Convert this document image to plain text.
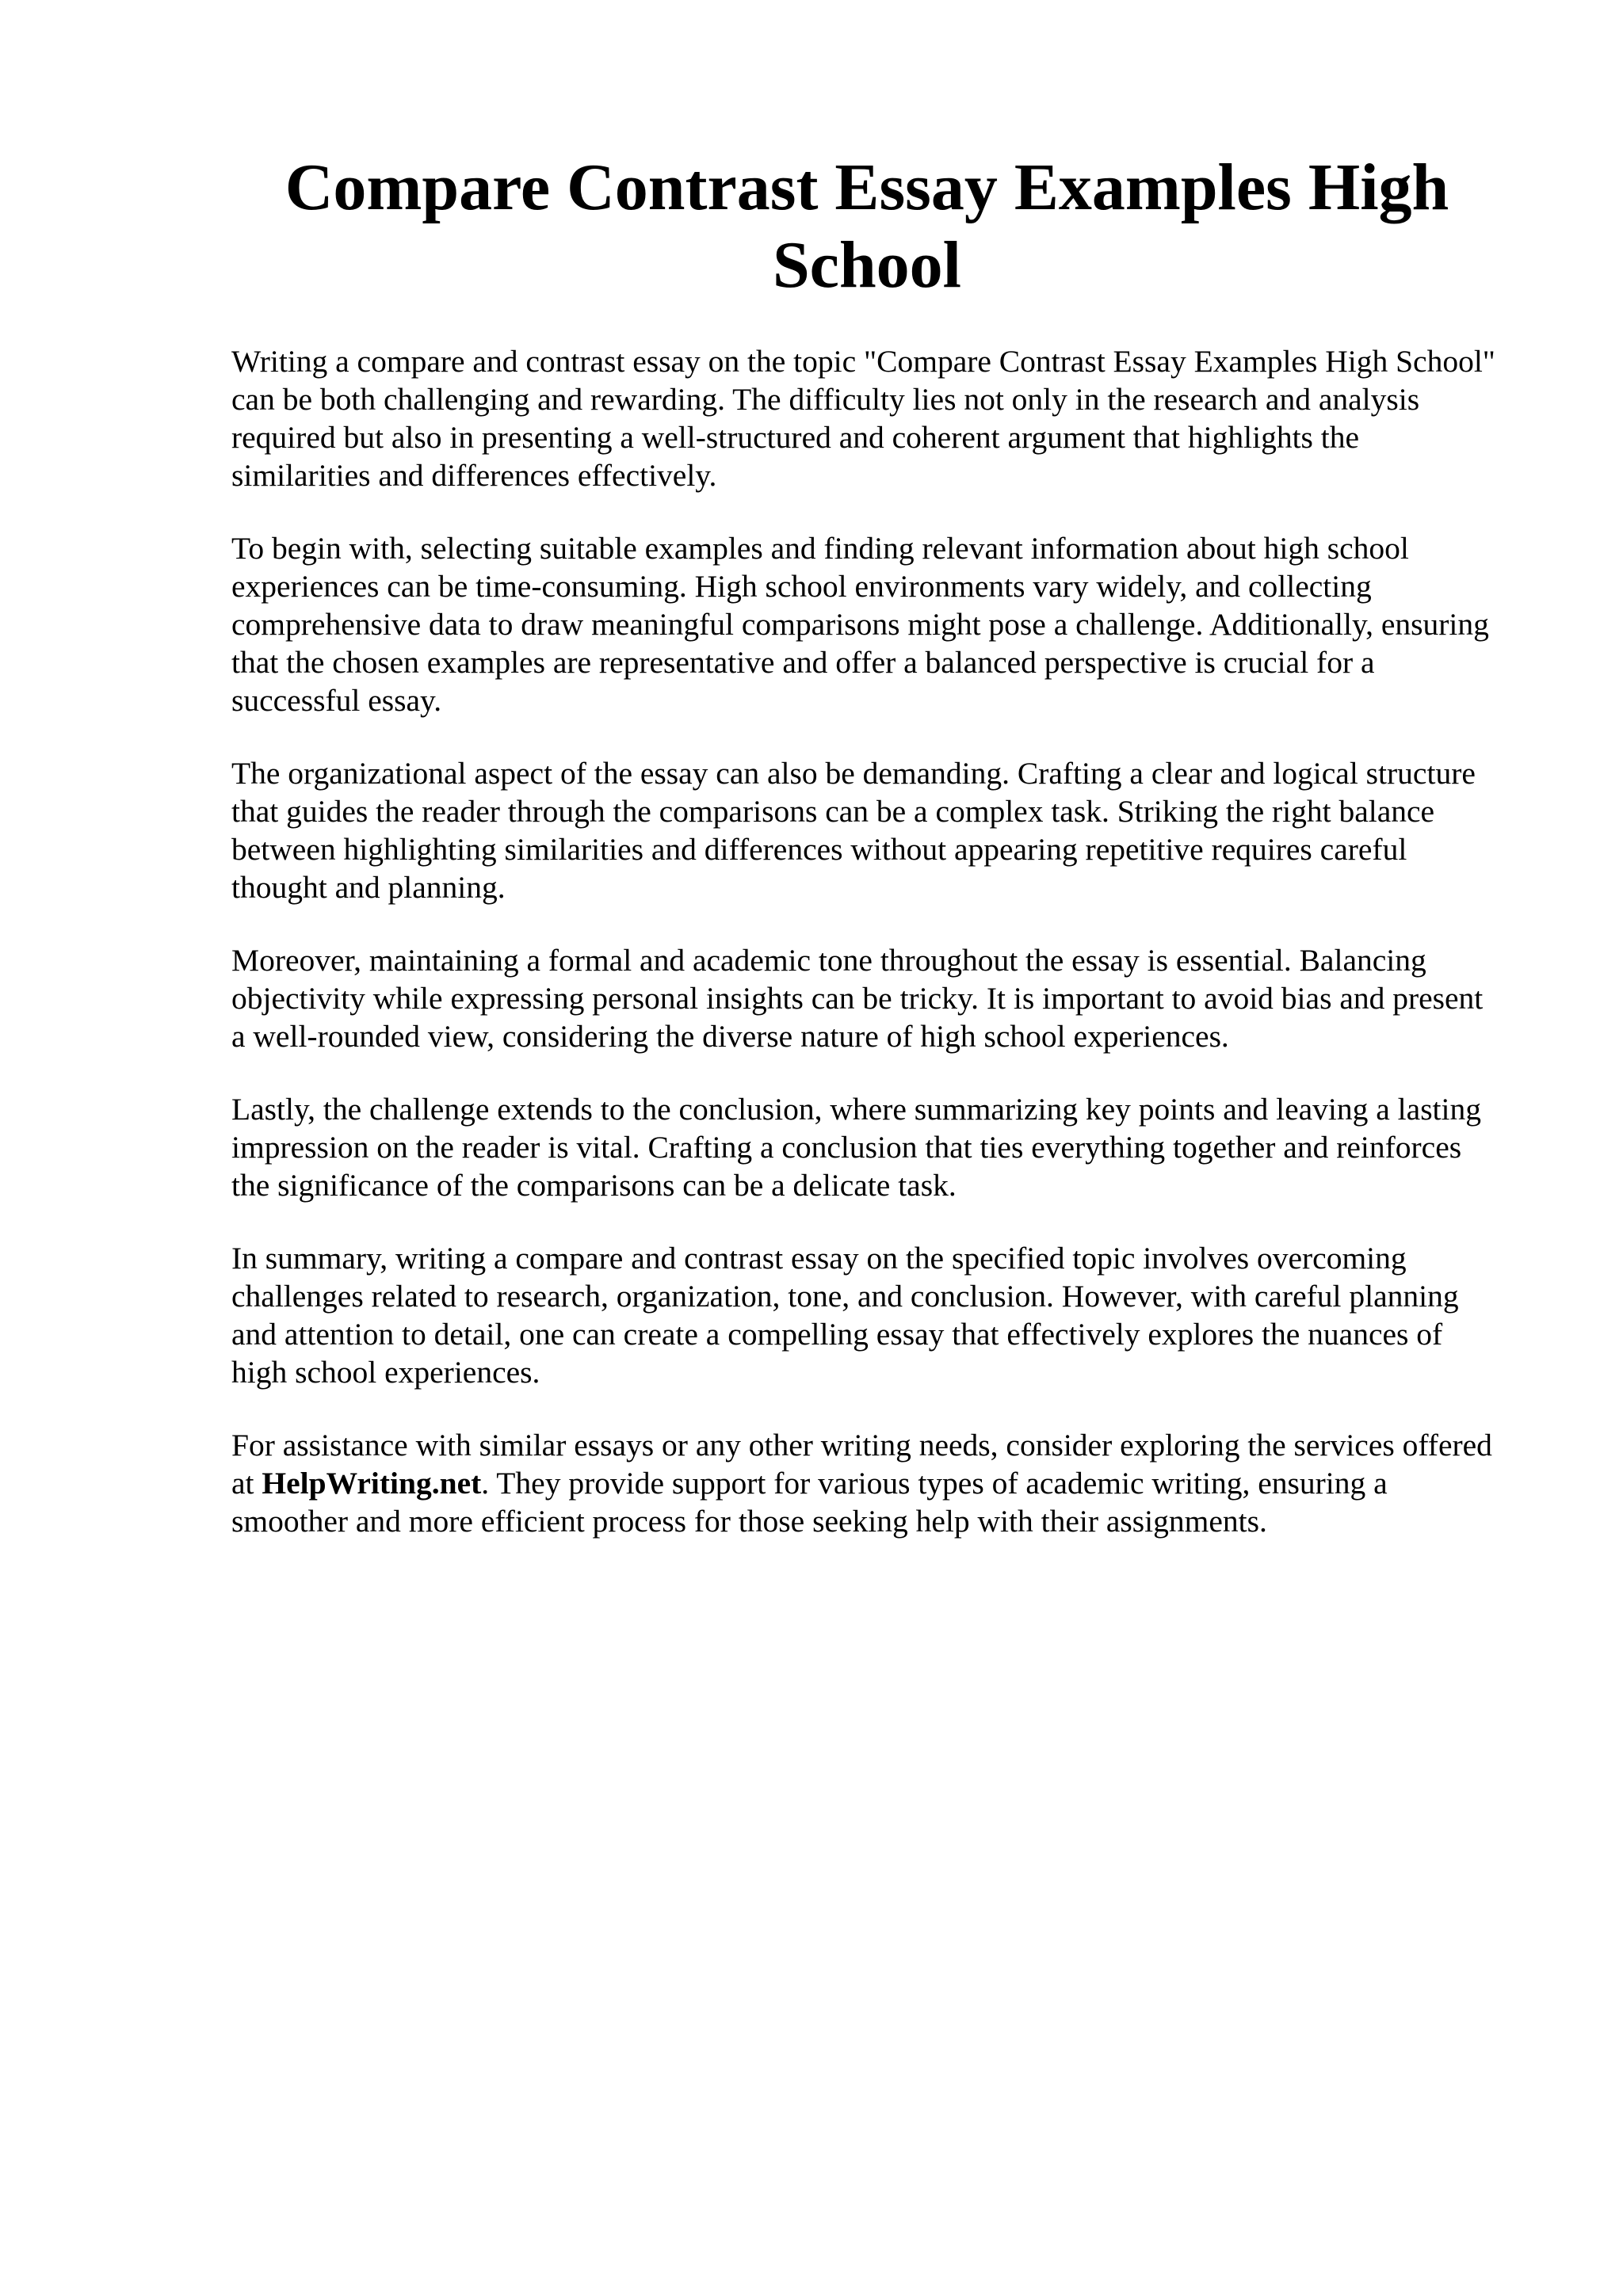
Compare Contrast Essay Examples High School

Writing a compare and contrast essay on the topic "Compare Contrast Essay Examples High School" can be both challenging and rewarding. The difficulty lies not only in the research and analysis required but also in presenting a well-structured and coherent argument that highlights the similarities and differences effectively.

To begin with, selecting suitable examples and finding relevant information about high school experiences can be time-consuming. High school environments vary widely, and collecting comprehensive data to draw meaningful comparisons might pose a challenge. Additionally, ensuring that the chosen examples are representative and offer a balanced perspective is crucial for a successful essay.

The organizational aspect of the essay can also be demanding. Crafting a clear and logical structure that guides the reader through the comparisons can be a complex task. Striking the right balance between highlighting similarities and differences without appearing repetitive requires careful thought and planning.

Moreover, maintaining a formal and academic tone throughout the essay is essential. Balancing objectivity while expressing personal insights can be tricky. It is important to avoid bias and present a well-rounded view, considering the diverse nature of high school experiences.

Lastly, the challenge extends to the conclusion, where summarizing key points and leaving a lasting impression on the reader is vital. Crafting a conclusion that ties everything together and reinforces the significance of the comparisons can be a delicate task.

In summary, writing a compare and contrast essay on the specified topic involves overcoming challenges related to research, organization, tone, and conclusion. However, with careful planning and attention to detail, one can create a compelling essay that effectively explores the nuances of high school experiences.

For assistance with similar essays or any other writing needs, consider exploring the services offered at HelpWriting.net. They provide support for various types of academic writing, ensuring a smoother and more efficient process for those seeking help with their assignments.
